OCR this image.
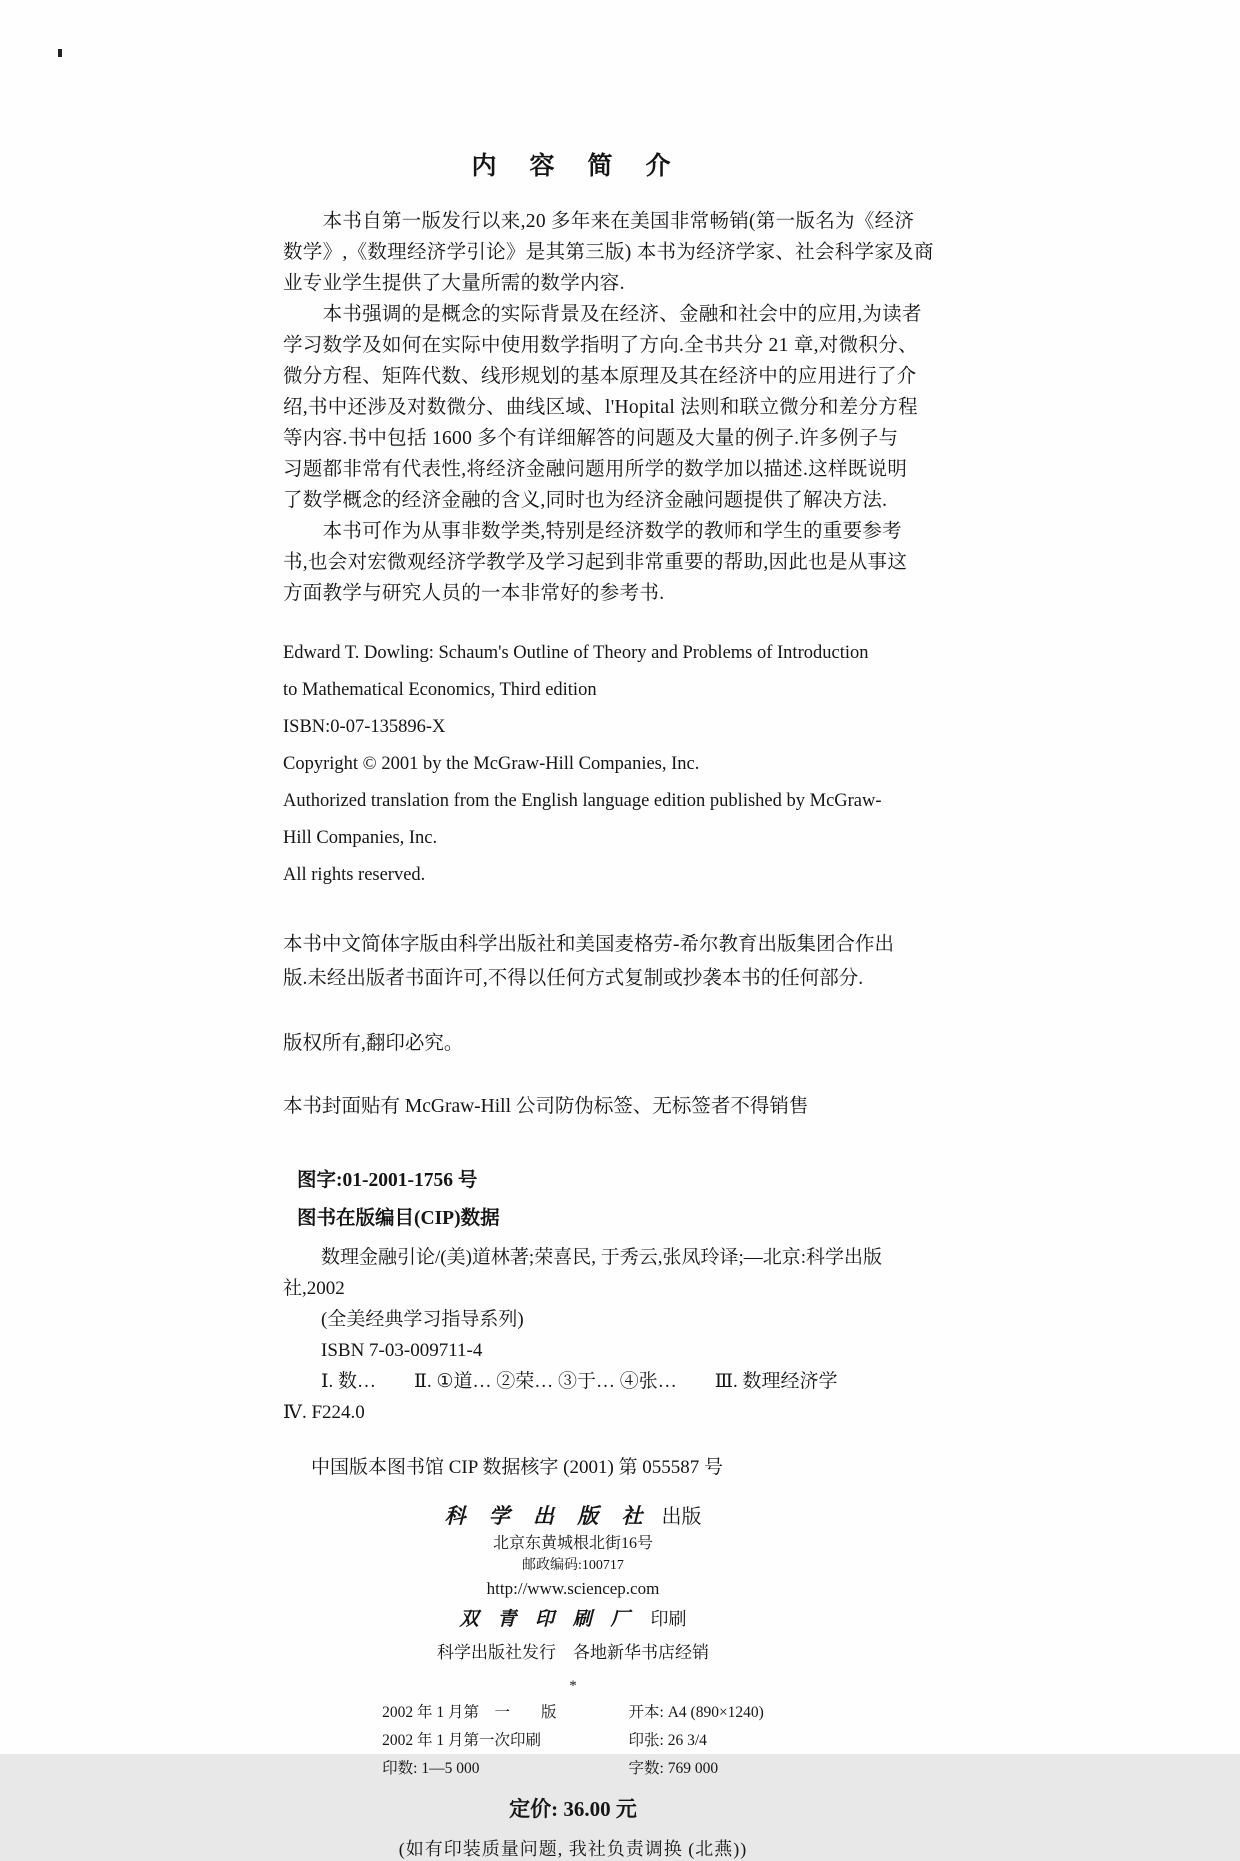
内　容　简　介
　　本书自第一版发行以来,20 多年来在美国非常畅销(第一版名为《经济
数学》,《数理经济学引论》是其第三版) 本书为经济学家、社会科学家及商
业专业学生提供了大量所需的数学内容.
　　本书强调的是概念的实际背景及在经济、金融和社会中的应用,为读者
学习数学及如何在实际中使用数学指明了方向.全书共分 21 章,对微积分、
微分方程、矩阵代数、线形规划的基本原理及其在经济中的应用进行了介
绍,书中还涉及对数微分、曲线区域、l'Hopital 法则和联立微分和差分方程
等内容.书中包括 1600 多个有详细解答的问题及大量的例子.许多例子与
习题都非常有代表性,将经济金融问题用所学的数学加以描述.这样既说明
了数学概念的经济金融的含义,同时也为经济金融问题提供了解决方法.
　　本书可作为从事非数学类,特别是经济数学的教师和学生的重要参考
书,也会对宏微观经济学教学及学习起到非常重要的帮助,因此也是从事这
方面教学与研究人员的一本非常好的参考书.
Edward T. Dowling: Schaum's Outline of Theory and Problems of Introduction
to Mathematical Economics, Third edition
ISBN:0-07-135896-X
Copyright © 2001 by the McGraw-Hill Companies, Inc.
Authorized translation from the English language edition published by McGraw-
Hill Companies, Inc.
All rights reserved.
本书中文简体字版由科学出版社和美国麦格劳-希尔教育出版集团合作出
版.未经出版者书面许可,不得以任何方式复制或抄袭本书的任何部分.
版权所有,翻印必究。
本书封面贴有 McGraw-Hill 公司防伪标签、无标签者不得销售
图字:01-2001-1756 号
图书在版编目(CIP)数据
　　数理金融引论/(美)道林著;荣喜民, 于秀云,张凤玲译;—北京:科学出版
社,2002
　　(全美经典学习指导系列)
　　ISBN 7-03-009711-4
　　Ⅰ. 数…　　Ⅱ. ①道… ②荣… ③于… ④张…　　Ⅲ. 数理经济学
Ⅳ. F224.0
中国版本图书馆 CIP 数据核字 (2001) 第 055587 号
科 学 出 版 社 出版
北京东黄城根北街16号
邮政编码:100717
http://www.sciencep.com
双 青 印 刷 厂 印刷
科学出版社发行　各地新华书店经销
*
2002 年 1 月第　一　　版
2002 年 1 月第一次印刷
印数: 1—5 000
开本: A4 (890×1240)
印张: 26 3/4
字数: 769 000
定价: 36.00 元
(如有印装质量问题, 我社负责调换 (北燕))
